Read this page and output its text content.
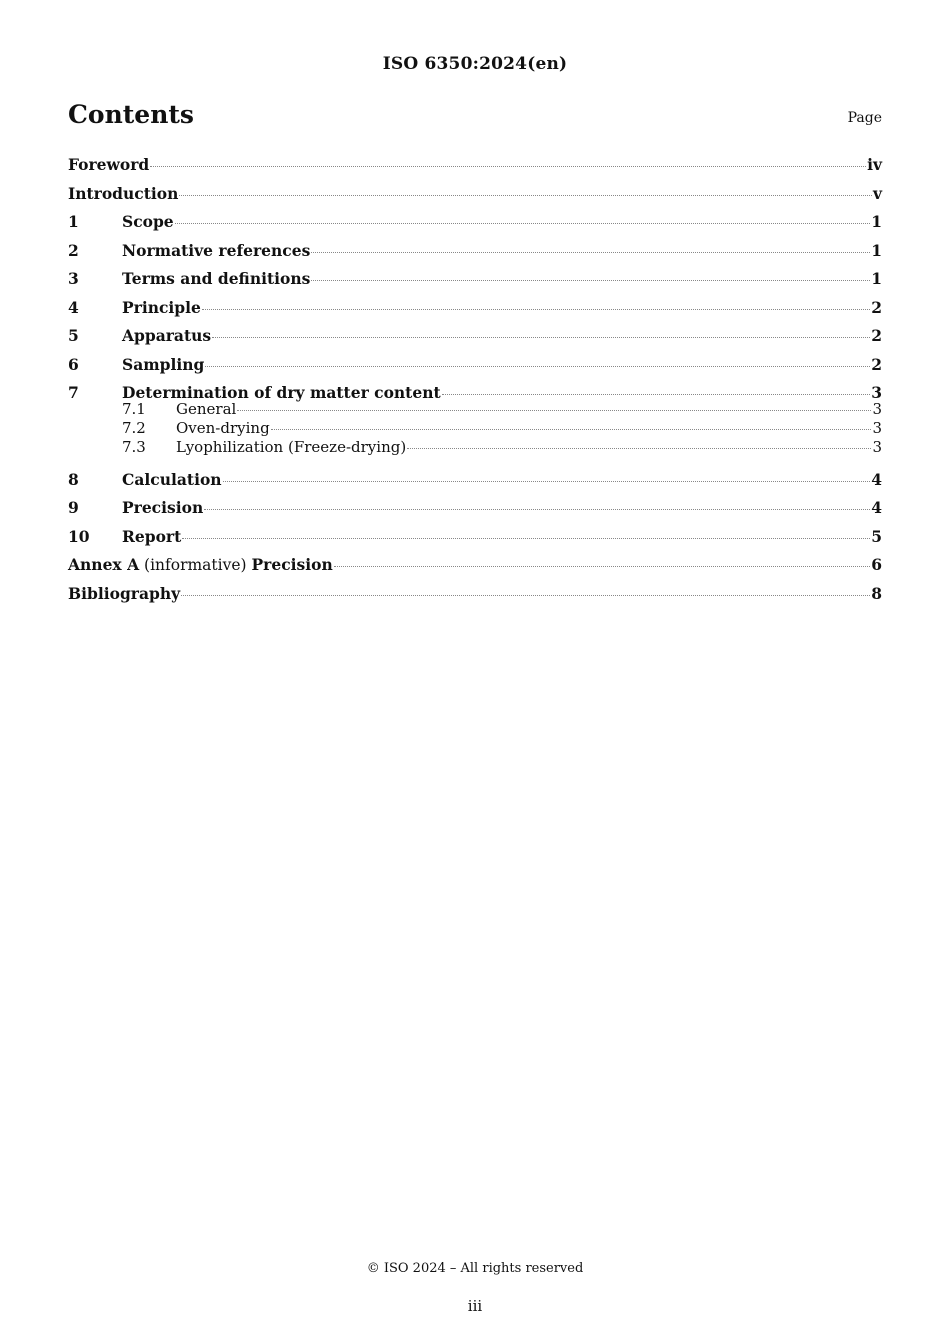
ISO 6350:2024(en)
Contents	Page
Foreword	iv
Introduction	v
1	Scope	1
2	Normative references	1
3	Terms and definitions	1
4	Principle	2
5	Apparatus	2
6	Sampling	2
7	Determination of dry matter content	3
7.1	General	3
7.2	Oven-drying	3
7.3	Lyophilization (Freeze-drying)	3
8	Calculation	4
9	Precision	4
10	Report	5
Annex A (informative) Precision	6
Bibliography	8
© ISO 2024 – All rights reserved
iii
